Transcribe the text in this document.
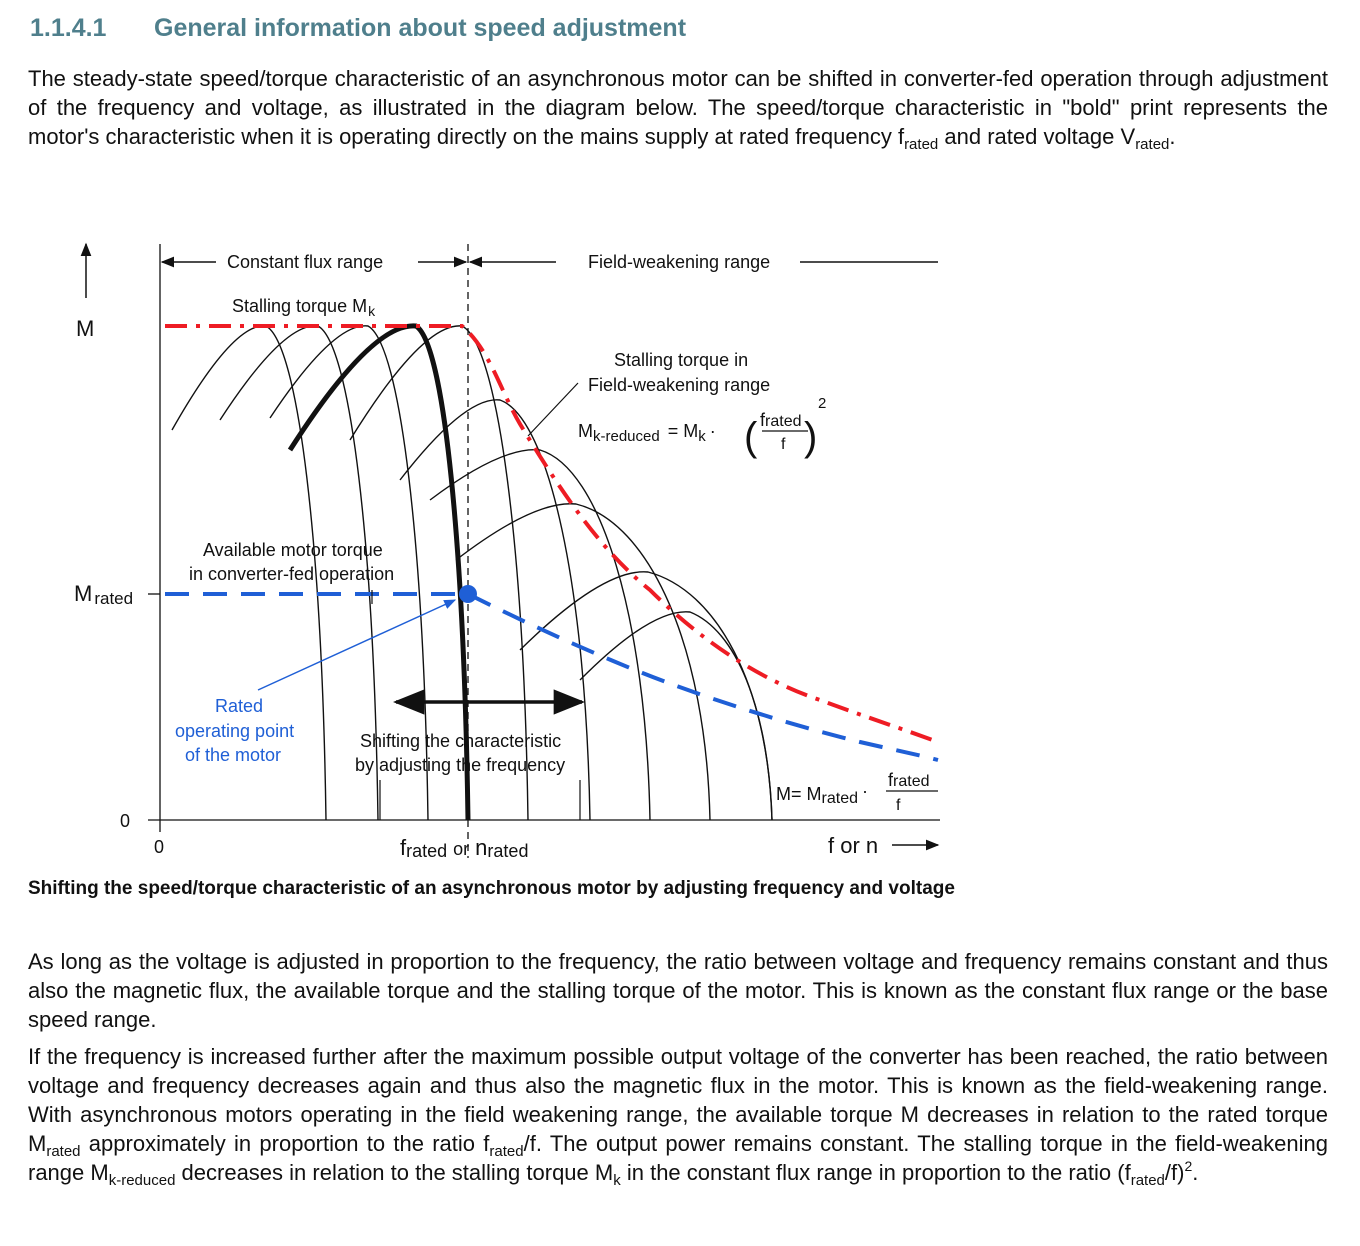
1.1.4.1 General information about speed adjustment

The steady-state speed/torque characteristic of an asynchronous motor can be shifted in converter-fed operation through adjustment of the frequency and voltage, as illustrated in the diagram below. The speed/torque characteristic in "bold" print represents the motor's characteristic when it is operating directly on the mains supply at rated frequency $f_{rated}$ and rated voltage $V_{rated}$.

M
M rated
0
0
Constant flux range	Field-weakening range
Stalling torque $M_k$
Stalling torque in
Field-weakening range
$M_{k-reduced} = M_k$ · ( )
frated
f
2
Available motor torque
in converter-fed operation
Rated
operating point
of the motor
Shifting the characteristic
by adjusting the frequency
M= Mrated ·
frated
f
frated or nrated	f or n
Shifting the speed/torque characteristic of an asynchronous motor by adjusting frequency and voltage

As long as the voltage is adjusted in proportion to the frequency, the ratio between voltage and frequency remains constant and thus also the magnetic flux, the available torque and the stalling torque of the motor. This is known as the constant flux range or the base speed range.

If the frequency is increased further after the maximum possible output voltage of the converter has been reached, the ratio between voltage and frequency decreases again and thus also the magnetic flux in the motor. This is known as the field-weakening range. With asynchronous motors operating in the field weakening range, the available torque M decreases in relation to the rated torque $M_{rated}$ approximately in proportion to the ratio $f_{rated}/f$. The output power remains constant. The stalling torque in the field-weakening range $M_{k-reduced}$ decreases in relation to the stalling torque $M_k$ in the constant flux range in proportion to the ratio $(f_{rated}/f)^2$.
